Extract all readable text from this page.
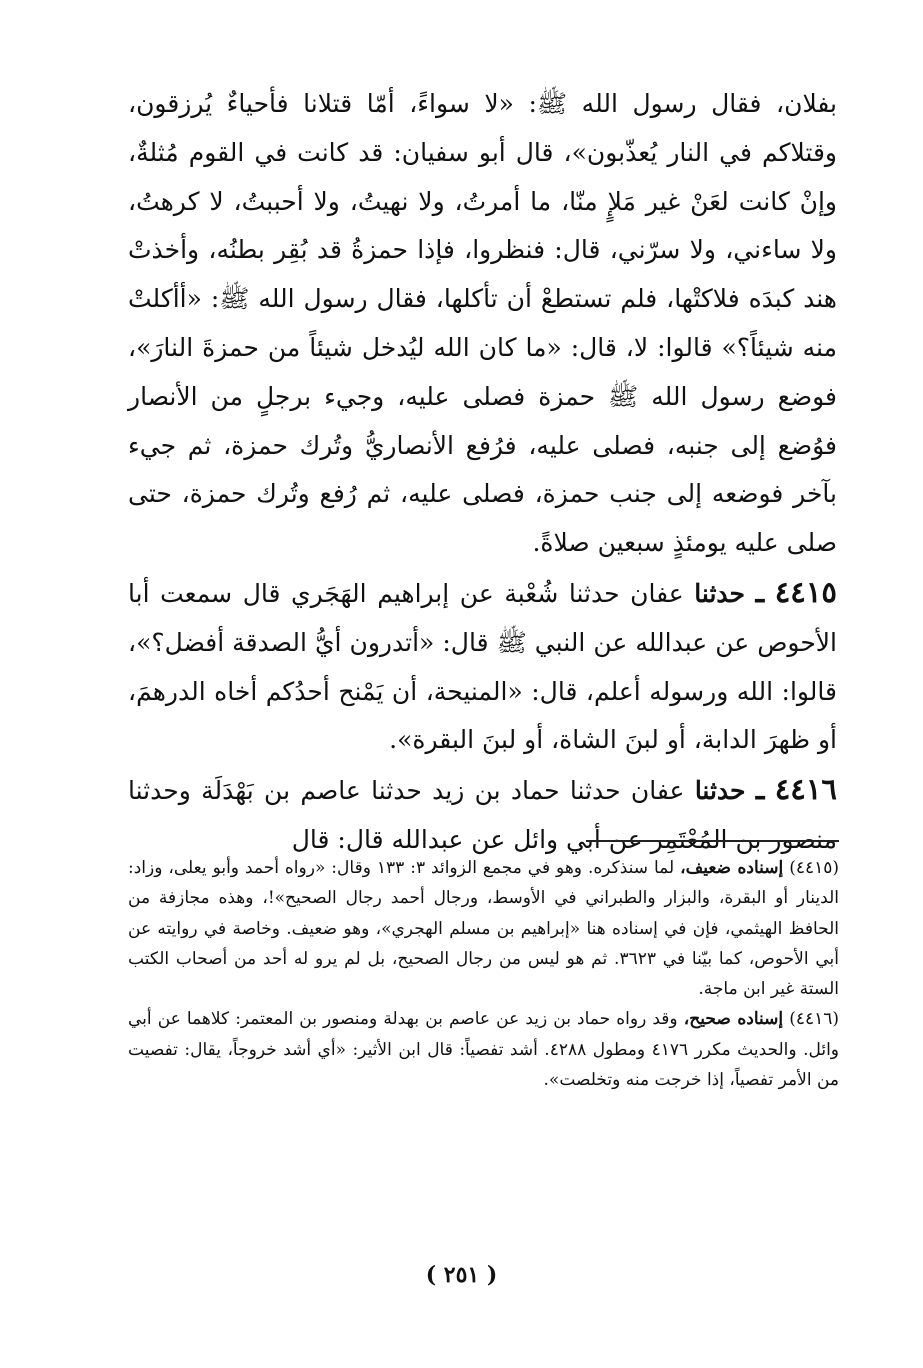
بفلان، فقال رسول الله ﷺ: «لا سواءً، أمّا قتلانا فأحياءٌ يُرزقون، وقتلاكم في النار يُعذّبون»، قال أبو سفيان: قد كانت في القوم مُثلةٌ، وإنْ كانت لعَنْ غير مَلإٍ منّا، ما أمرتُ، ولا نهيتُ، ولا أحببتُ، لا كرهتُ، ولا ساءني، ولا سرّني، قال: فنظروا، فإذا حمزةُ قد بُقِر بطنُه، وأخذتْ هند كبدَه فلاكتْها، فلم تستطعْ أن تأكلها، فقال رسول الله ﷺ: «أأكلتْ منه شيئاً؟» قالوا: لا، قال: «ما كان الله ليُدخل شيئاً من حمزةَ النارَ»، فوضع رسول الله ﷺ حمزة فصلى عليه، وجيء برجلٍ من الأنصار فوُضع إلى جنبه، فصلى عليه، فرُفع الأنصاريُّ وتُرك حمزة، ثم جيء بآخر فوضعه إلى جنب حمزة، فصلى عليه، ثم رُفع وتُرك حمزة، حتى صلى عليه يومئذٍ سبعين صلاةً.

٤٤١٥ ـ حدثنا عفان حدثنا شُعْبة عن إبراهيم الهَجَري قال سمعت أبا الأحوص عن عبدالله عن النبي ﷺ قال: «أتدرون أيُّ الصدقة أفضل؟»، قالوا: الله ورسوله أعلم، قال: «المنيحة، أن يَمْنح أحدُكم أخاه الدرهمَ، أو ظهرَ الدابة، أو لبنَ الشاة، أو لبنَ البقرة».

٤٤١٦ ـ حدثنا عفان حدثنا حماد بن زيد حدثنا عاصم بن بَهْدَلَة وحدثنا منصور بن المُعْتَمِر عن أبي وائل عن عبدالله قال: قال

(٤٤١٥) إسناده ضعيف، لما سنذكره. وهو في مجمع الزوائد ٣: ١٣٣ وقال: «رواه أحمد وأبو يعلى، وزاد: الدينار أو البقرة، والبزار والطبراني في الأوسط، ورجال أحمد رجال الصحيح»!، وهذه مجازفة من الحافظ الهيثمي، فإن في إسناده هنا «إبراهيم بن مسلم الهجري»، وهو ضعيف. وخاصة في روايته عن أبي الأحوص، كما بيّنا في ٣٦٢٣. ثم هو ليس من رجال الصحيح، بل لم يرو له أحد من أصحاب الكتب الستة غير ابن ماجة.

(٤٤١٦) إسناده صحيح، وقد رواه حماد بن زيد عن عاصم بن بهدلة ومنصور بن المعتمر: كلاهما عن أبي وائل. والحديث مكرر ٤١٧٦ ومطول ٤٢٨٨. أشد تفصياً: قال ابن الأثير: «أي أشد خروجاً، يقال: تفصيت من الأمر تفصياً، إذا خرجت منه وتخلصت».

( ٢٥١ )
